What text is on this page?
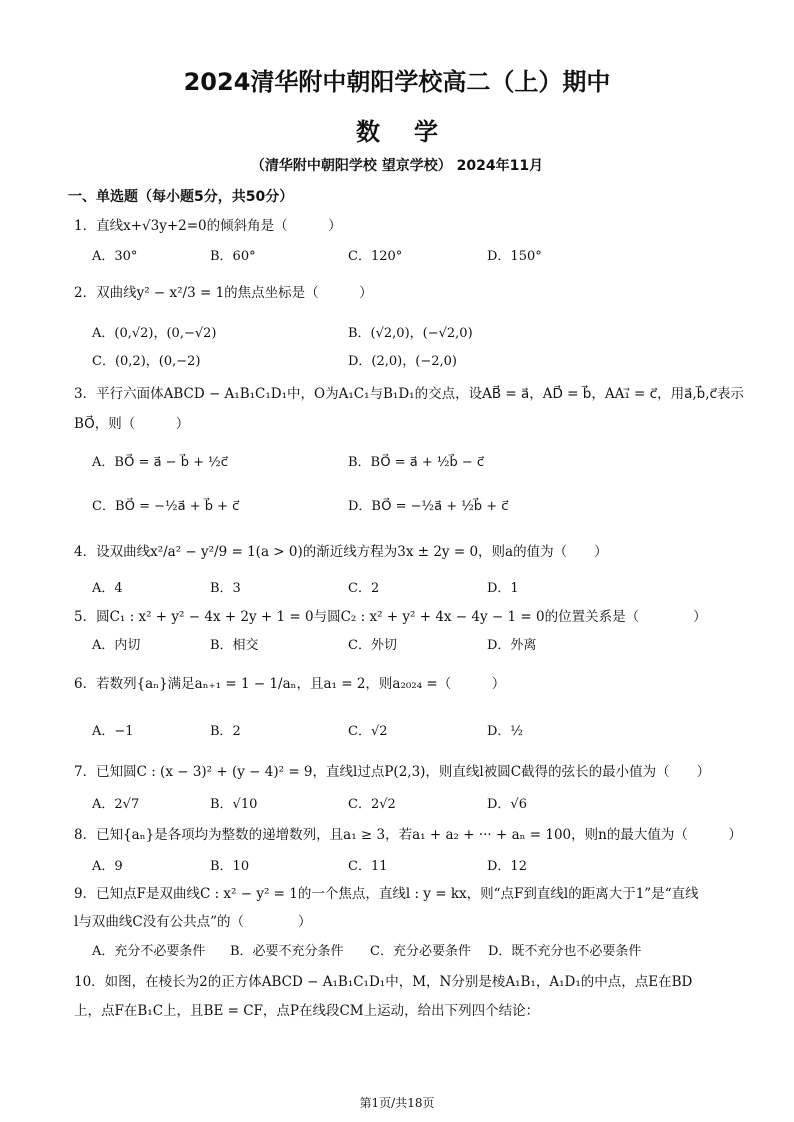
2024清华附中朝阳学校高二（上）期中
数学
（清华附中朝阳学校 望京学校） 2024年11月
一、单选题（每小题5分，共50分）
1．直线x+√3y+2=0的倾斜角是（　　　）
A．30°	B．60°	C．120°	D．150°
2．双曲线y² − x²/3 = 1的焦点坐标是（　　　）
A．(0,√2)，(0,−√2)	B．(√2,0)，(−√2,0)
C．(0,2)，(0,−2)	D．(2,0)，(−2,0)
3．平行六面体ABCD − A₁B₁C₁D₁中，O为A₁C₁与B₁D₁的交点，设AB⃗ = a⃗，AD⃗ = b⃗，AA₁⃗ = c⃗，用a⃗,b⃗,c⃗表示
BO⃗，则（　　　）
A．BO⃗ = a⃗ − b⃗ + ½c⃗	B．BO⃗ = a⃗ + ½b⃗ − c⃗
C．BO⃗ = −½a⃗ + b⃗ + c⃗	D．BO⃗ = −½a⃗ + ½b⃗ + c⃗
4．设双曲线x²/a² − y²/9 = 1(a > 0)的渐近线方程为3x ± 2y = 0，则a的值为（　　）
A．4	B．3	C．2	D．1
5．圆C₁ : x² + y² − 4x + 2y + 1 = 0与圆C₂ : x² + y² + 4x − 4y − 1 = 0的位置关系是（　　　　）
A．内切	B．相交	C．外切	D．外离
6．若数列{aₙ}满足aₙ₊₁ = 1 − 1/aₙ，且a₁ = 2，则a₂₀₂₄ =（　　　）
A．−1	B．2	C．√2	D．½
7．已知圆C : (x − 3)² + (y − 4)² = 9，直线l过点P(2,3)，则直线l被圆C截得的弦长的最小值为（　　）
A．2√7	B．√10	C．2√2	D．√6
8．已知{aₙ}是各项均为整数的递增数列，且a₁ ≥ 3，若a₁ + a₂ + ··· + aₙ = 100，则n的最大值为（　　　）
A．9	B．10	C．11	D．12
9．已知点F是双曲线C : x² − y² = 1的一个焦点，直线l : y = kx，则“点F到直线l的距离大于1”是“直线
l与双曲线C没有公共点”的（　　　　）
A．充分不必要条件 B．必要不充分条件 C．充分必要条件 D．既不充分也不必要条件
10．如图，在棱长为2的正方体ABCD − A₁B₁C₁D₁中，M，N分别是棱A₁B₁，A₁D₁的中点，点E在BD
上，点F在B₁C上，且BE = CF，点P在线段CM上运动，给出下列四个结论：
第1页/共18页
